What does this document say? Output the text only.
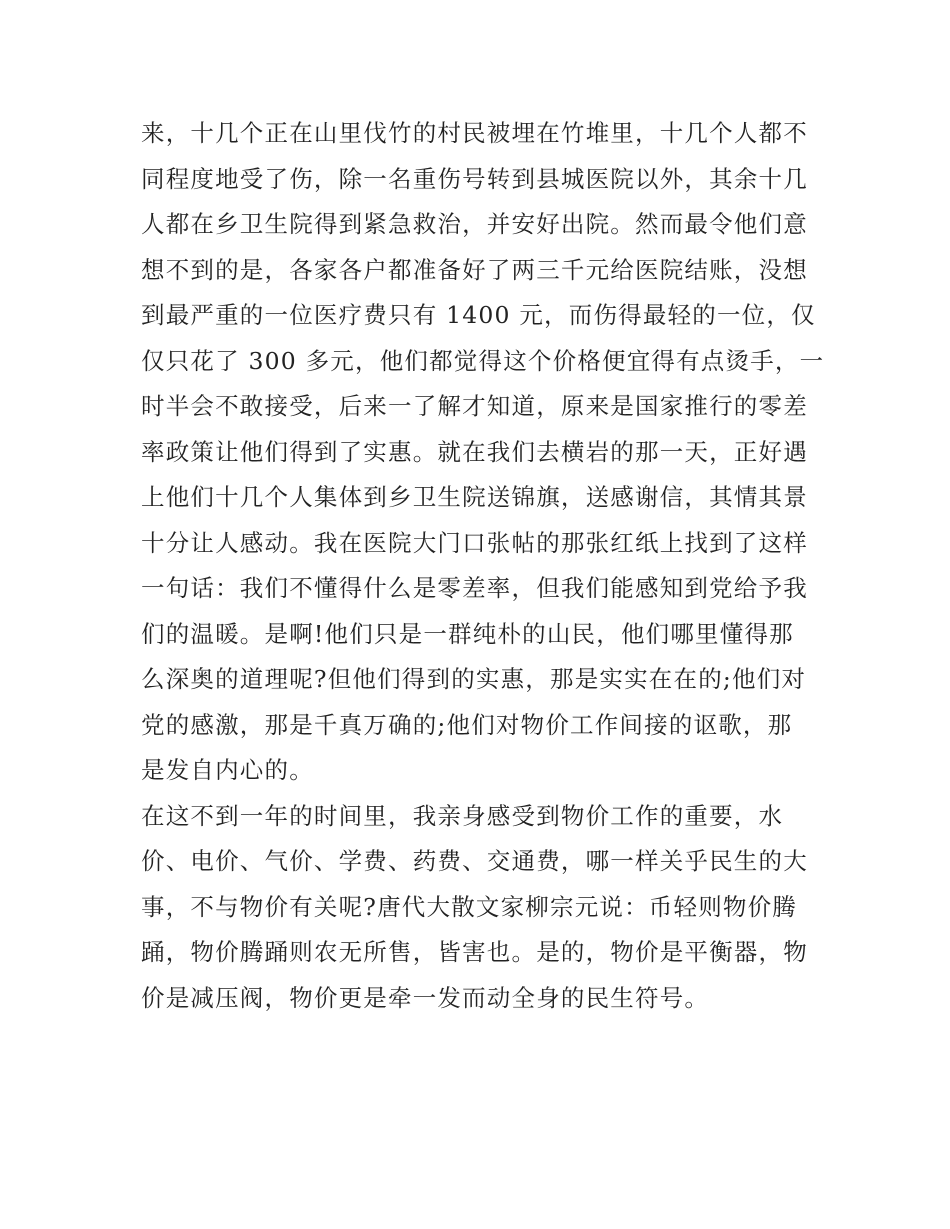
来，十几个正在山里伐竹的村民被埋在竹堆里，十几个人都不
同程度地受了伤，除一名重伤号转到县城医院以外，其余十几
人都在乡卫生院得到紧急救治，并安好出院。然而最令他们意
想不到的是，各家各户都准备好了两三千元给医院结账，没想
到最严重的一位医疗费只有 1400 元，而伤得最轻的一位，仅
仅只花了 300 多元，他们都觉得这个价格便宜得有点烫手，一
时半会不敢接受，后来一了解才知道，原来是国家推行的零差
率政策让他们得到了实惠。就在我们去横岩的那一天，正好遇
上他们十几个人集体到乡卫生院送锦旗，送感谢信，其情其景
十分让人感动。我在医院大门口张帖的那张红纸上找到了这样
一句话：我们不懂得什么是零差率，但我们能感知到党给予我
们的温暖。是啊!他们只是一群纯朴的山民，他们哪里懂得那
么深奥的道理呢?但他们得到的实惠，那是实实在在的;他们对
党的感激，那是千真万确的;他们对物价工作间接的讴歌，那
是发自内心的。
在这不到一年的时间里，我亲身感受到物价工作的重要，水
价、电价、气价、学费、药费、交通费，哪一样关乎民生的大
事，不与物价有关呢?唐代大散文家柳宗元说：币轻则物价腾
踊，物价腾踊则农无所售，皆害也。是的，物价是平衡器，物
价是减压阀，物价更是牵一发而动全身的民生符号。
